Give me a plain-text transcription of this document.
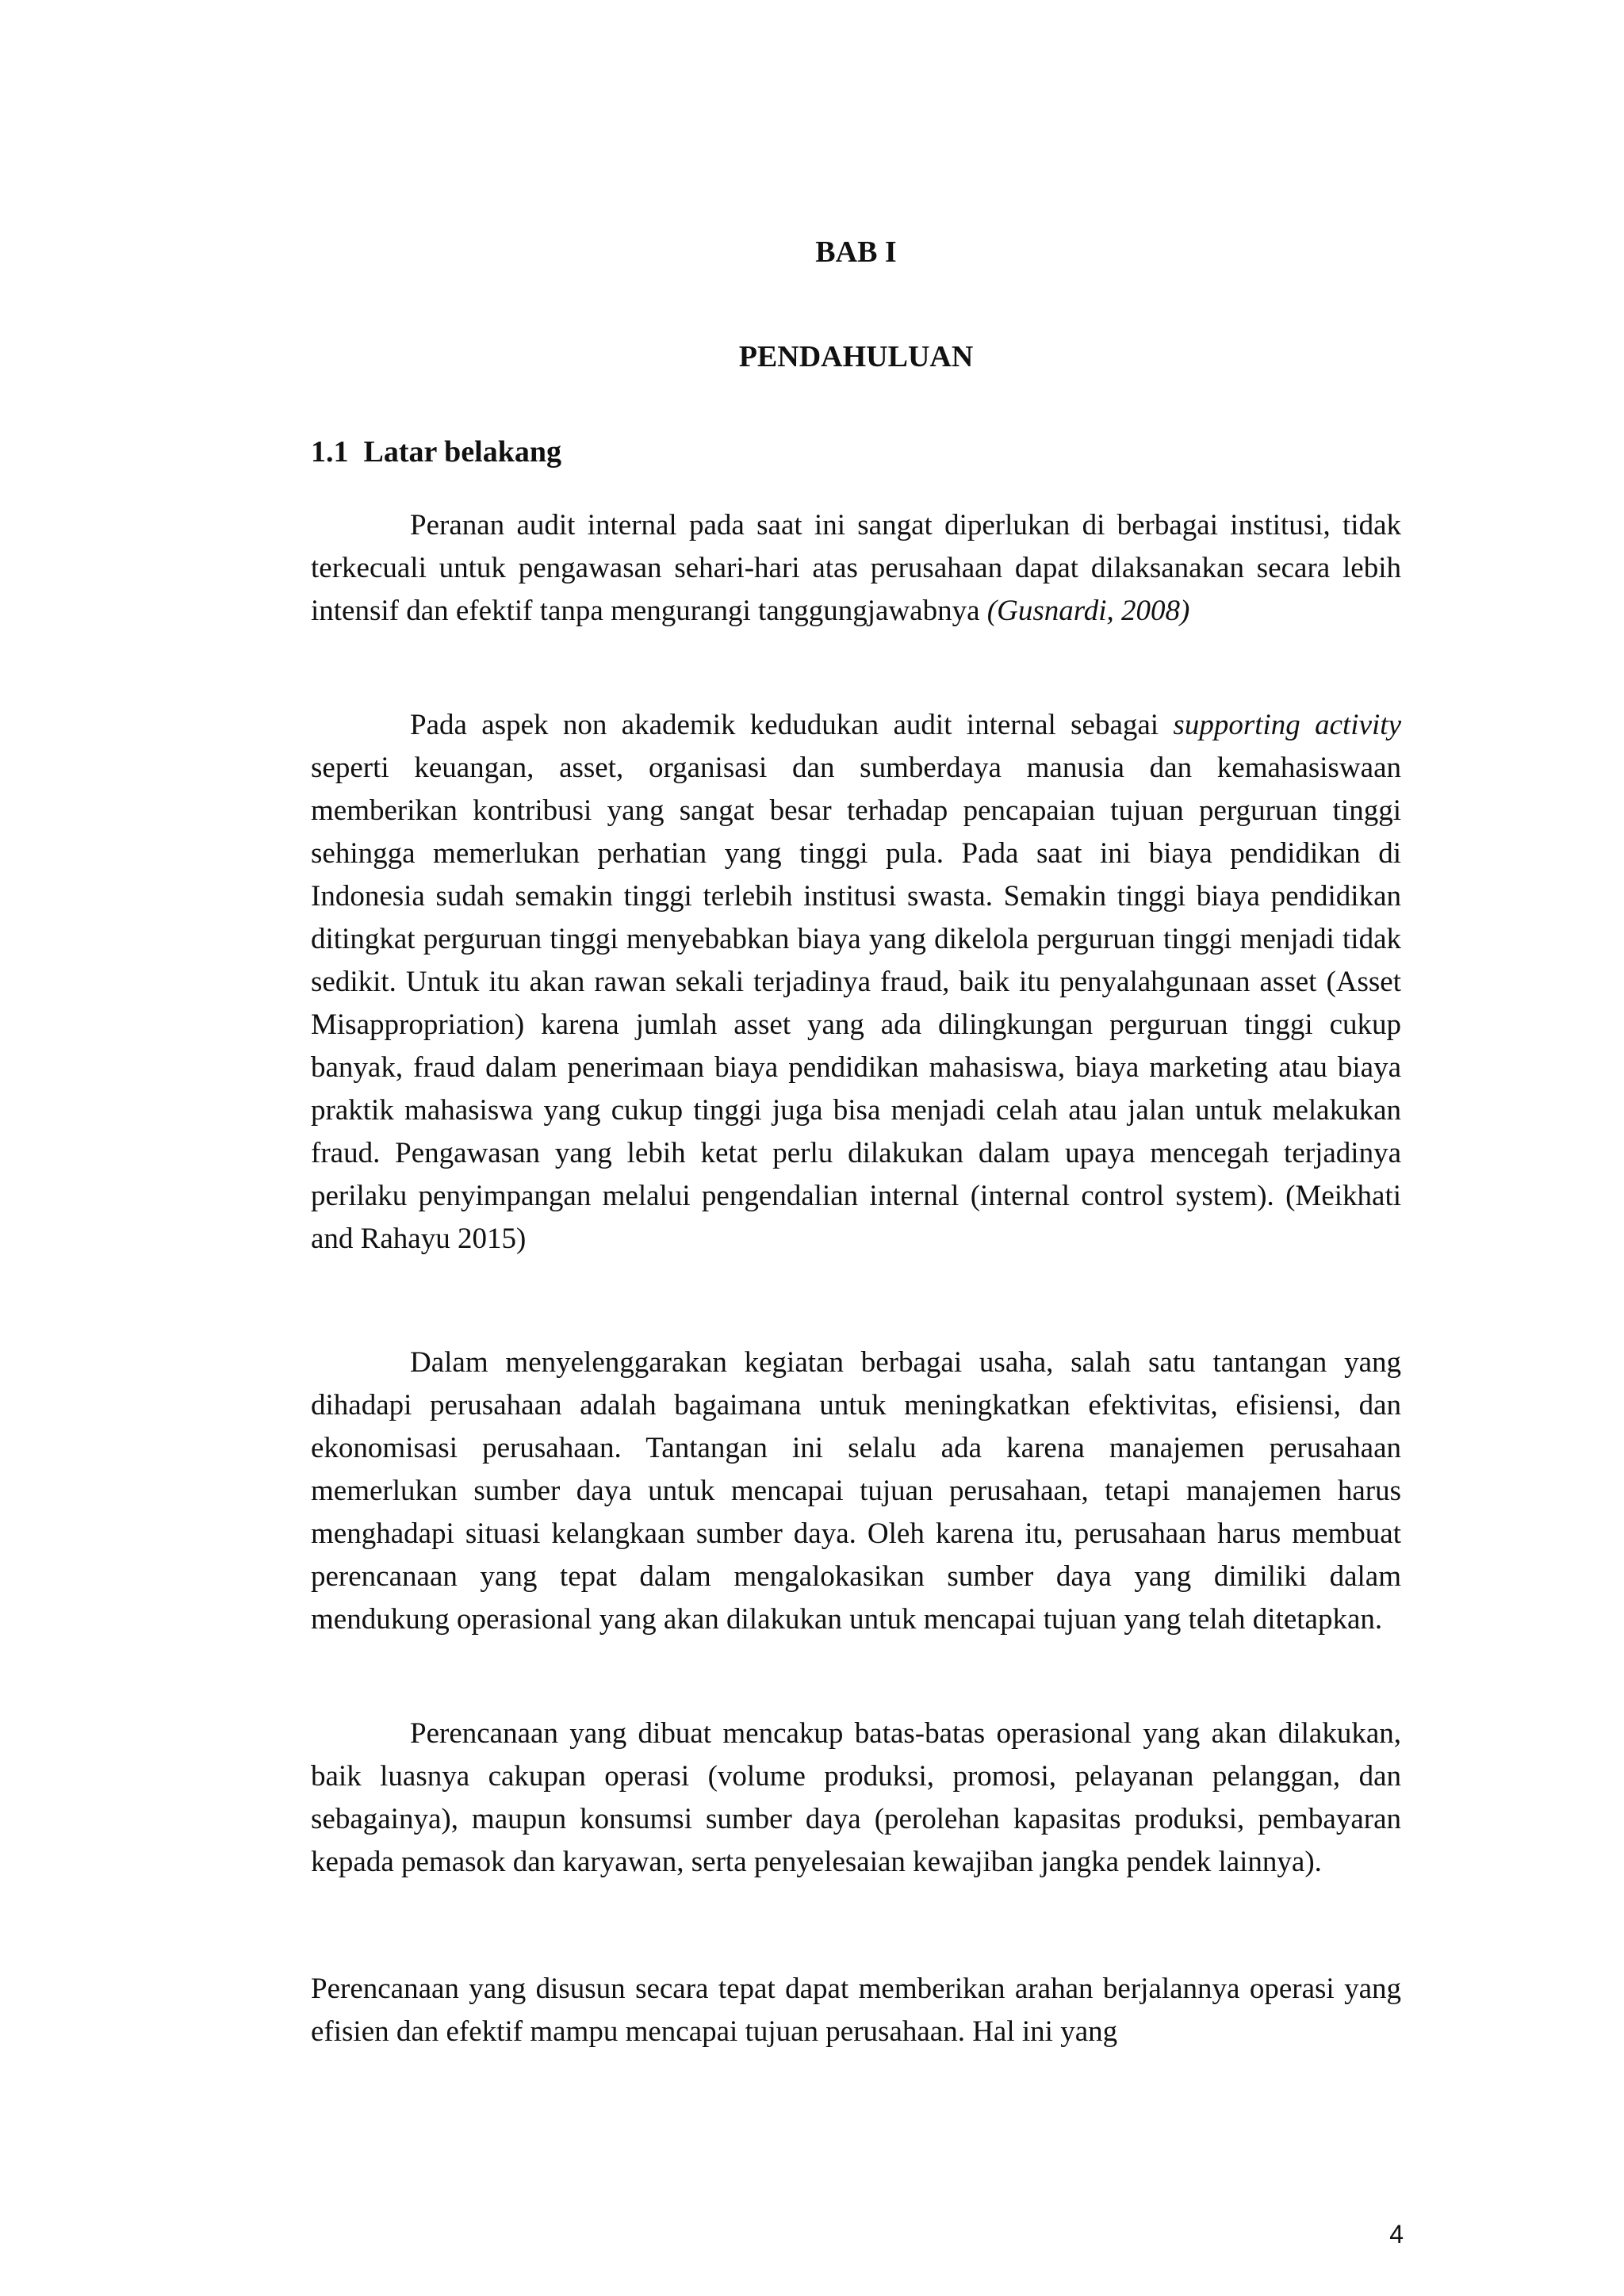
BAB I
PENDAHULUAN
1.1  Latar belakang

Peranan audit internal pada saat ini sangat diperlukan di berbagai institusi, tidak terkecuali untuk pengawasan sehari-hari atas perusahaan dapat dilaksanakan secara lebih intensif dan efektif tanpa mengurangi tanggungjawabnya (Gusnardi, 2008)

Pada aspek non akademik kedudukan audit internal sebagai supporting activity seperti keuangan, asset, organisasi dan sumberdaya manusia dan kemahasiswaan memberikan kontribusi yang sangat besar terhadap pencapaian tujuan perguruan tinggi sehingga memerlukan perhatian yang tinggi pula. Pada saat ini biaya pendidikan di Indonesia sudah semakin tinggi terlebih institusi swasta. Semakin tinggi biaya pendidikan ditingkat perguruan tinggi menyebabkan biaya yang dikelola perguruan tinggi menjadi tidak sedikit. Untuk itu akan rawan sekali terjadinya fraud, baik itu penyalahgunaan asset (Asset Misappropriation) karena jumlah asset yang ada dilingkungan perguruan tinggi cukup banyak, fraud dalam penerimaan biaya pendidikan mahasiswa, biaya marketing atau biaya praktik mahasiswa yang cukup tinggi juga bisa menjadi celah atau jalan untuk melakukan fraud. Pengawasan yang lebih ketat perlu dilakukan dalam upaya mencegah terjadinya perilaku penyimpangan melalui pengendalian internal (internal control system). (Meikhati and Rahayu 2015)

Dalam menyelenggarakan kegiatan berbagai usaha, salah satu tantangan yang dihadapi perusahaan adalah bagaimana untuk meningkatkan efektivitas, efisiensi, dan ekonomisasi perusahaan. Tantangan ini selalu ada karena manajemen perusahaan memerlukan sumber daya untuk mencapai tujuan perusahaan, tetapi manajemen harus menghadapi situasi kelangkaan sumber daya. Oleh karena itu, perusahaan harus membuat perencanaan yang tepat dalam mengalokasikan sumber daya yang dimiliki dalam mendukung operasional yang akan dilakukan untuk mencapai tujuan yang telah ditetapkan.

Perencanaan yang dibuat mencakup batas-batas operasional yang akan dilakukan, baik luasnya cakupan operasi (volume produksi, promosi, pelayanan pelanggan, dan sebagainya), maupun konsumsi sumber daya (perolehan kapasitas produksi, pembayaran kepada pemasok dan karyawan, serta penyelesaian kewajiban jangka pendek lainnya).

Perencanaan yang disusun secara tepat dapat memberikan arahan berjalannya operasi yang efisien dan efektif mampu mencapai tujuan perusahaan. Hal ini yang

4
